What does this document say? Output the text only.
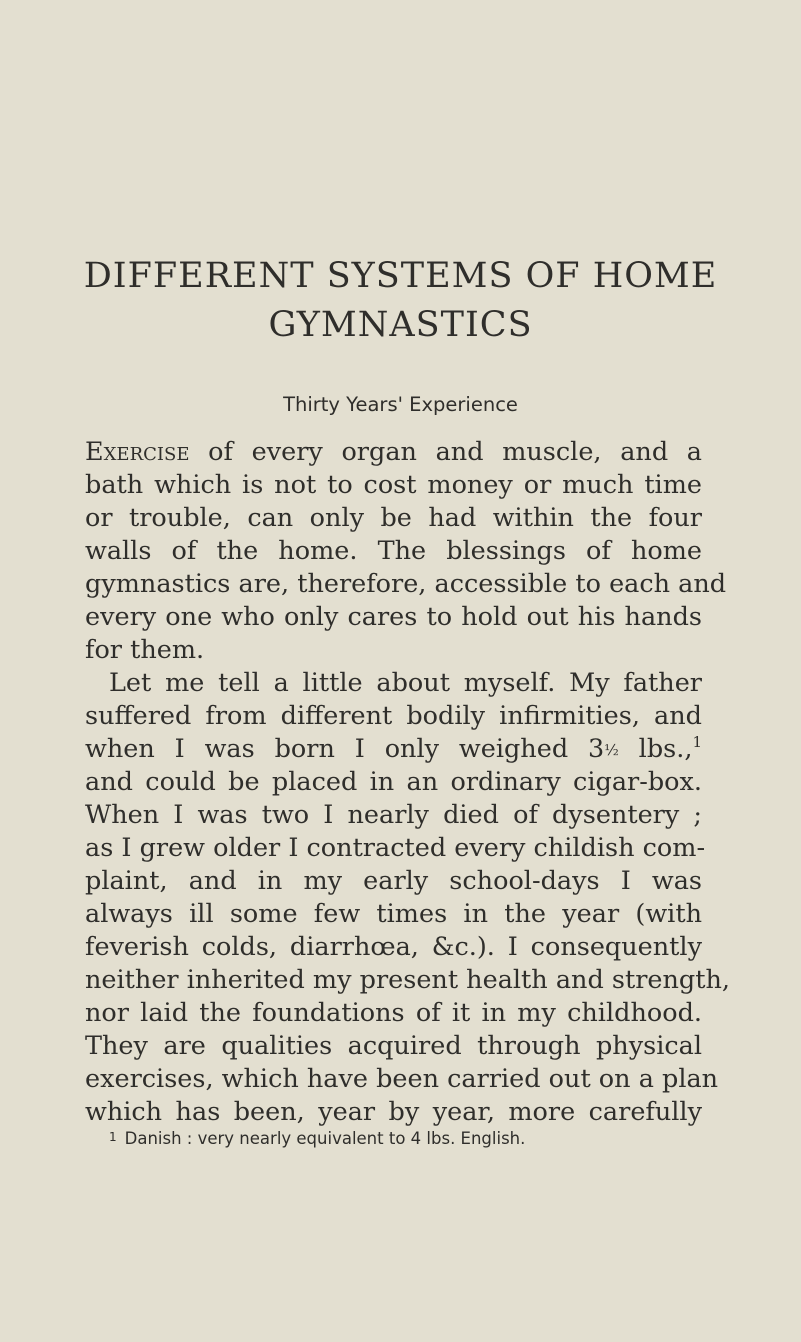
DIFFERENT SYSTEMS OF HOME
GYMNASTICS
Thirty Years' Experience
Exercise of every organ and muscle, and a
bath which is not to cost money or much time
or trouble, can only be had within the four
walls of the home. The blessings of home
gymnastics are, therefore, accessible to each and
every one who only cares to hold out his hands
for them.
Let me tell a little about myself. My father
suffered from different bodily infirmities, and
when I was born I only weighed 3½ lbs.,$^1$
and could be placed in an ordinary cigar-box.
When I was two I nearly died of dysentery ;
as I grew older I contracted every childish com-
plaint, and in my early school-days I was
always ill some few times in the year (with
feverish colds, diarrhœa, &c.). I consequently
neither inherited my present health and strength,
nor laid the foundations of it in my childhood.
They are qualities acquired through physical
exercises, which have been carried out on a plan
which has been, year by year, more carefully
1 Danish : very nearly equivalent to 4 lbs. English.
